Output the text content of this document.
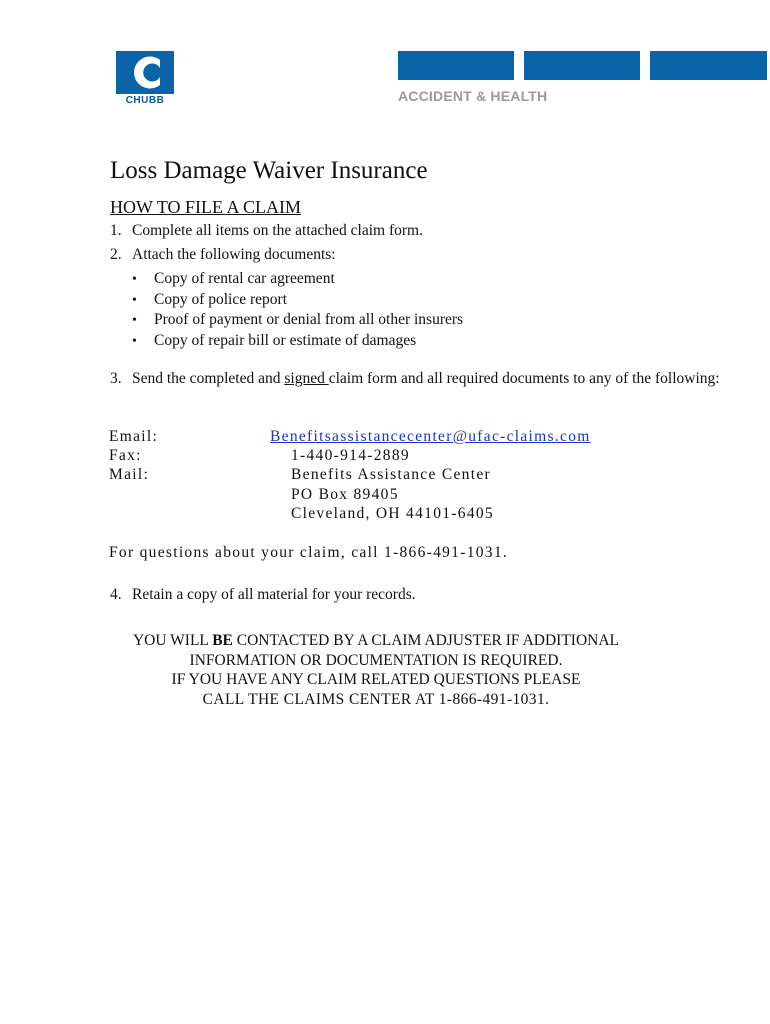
CHUBB	ACCIDENT & HEALTH
Loss Damage Waiver Insurance
HOW TO FILE A CLAIM
1. Complete all items on the attached claim form.
2. Attach the following documents:
• Copy of rental car agreement
• Copy of police report
• Proof of payment or denial from all other insurers
• Copy of repair bill or estimate of damages
3. Send the completed and signed claim form and all required documents to any of the following:
Email:	Benefitsassistancecenter@ufac-claims.com
Fax:	1-440-914-2889
Mail:	Benefits Assistance Center
PO Box 89405
Cleveland, OH 44101-6405
For questions about your claim, call 1-866-491-1031.
4. Retain a copy of all material for your records.
YOU WILL BE CONTACTED BY A CLAIM ADJUSTER IF ADDITIONAL
INFORMATION OR DOCUMENTATION IS REQUIRED.
IF YOU HAVE ANY CLAIM RELATED QUESTIONS PLEASE
CALL THE CLAIMS CENTER AT 1-866-491-1031.
